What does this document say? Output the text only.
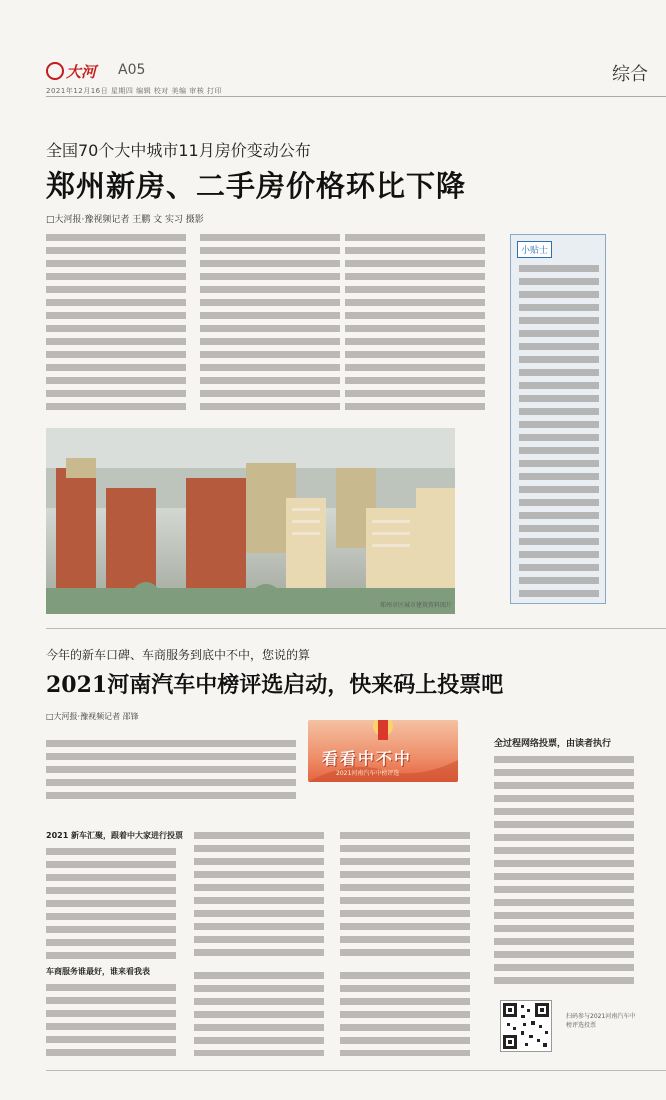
大河 A05	综合
2021年12月16日 星期四 编辑 校对 美编 审核 打印
全国70个大中城市11月房价变动公布
郑州新房、二手房价格环比下降
□大河报·豫视频记者 王鹏 文 实习 摄影
郑州市区城市建筑资料图片
小贴士
今年的新车口碑、车商服务到底中不中，您说的算
2021河南汽车中榜评选启动，快来码上投票吧
□大河报·豫视频记者 邵锋
看看中不中
2021河南汽车中榜评选
2021 新车汇聚，跟着中大家进行投票
车商服务谁最好，谁来看我表
全过程网络投票，由读者执行
扫码参与2021河南汽车中榜评选投票
